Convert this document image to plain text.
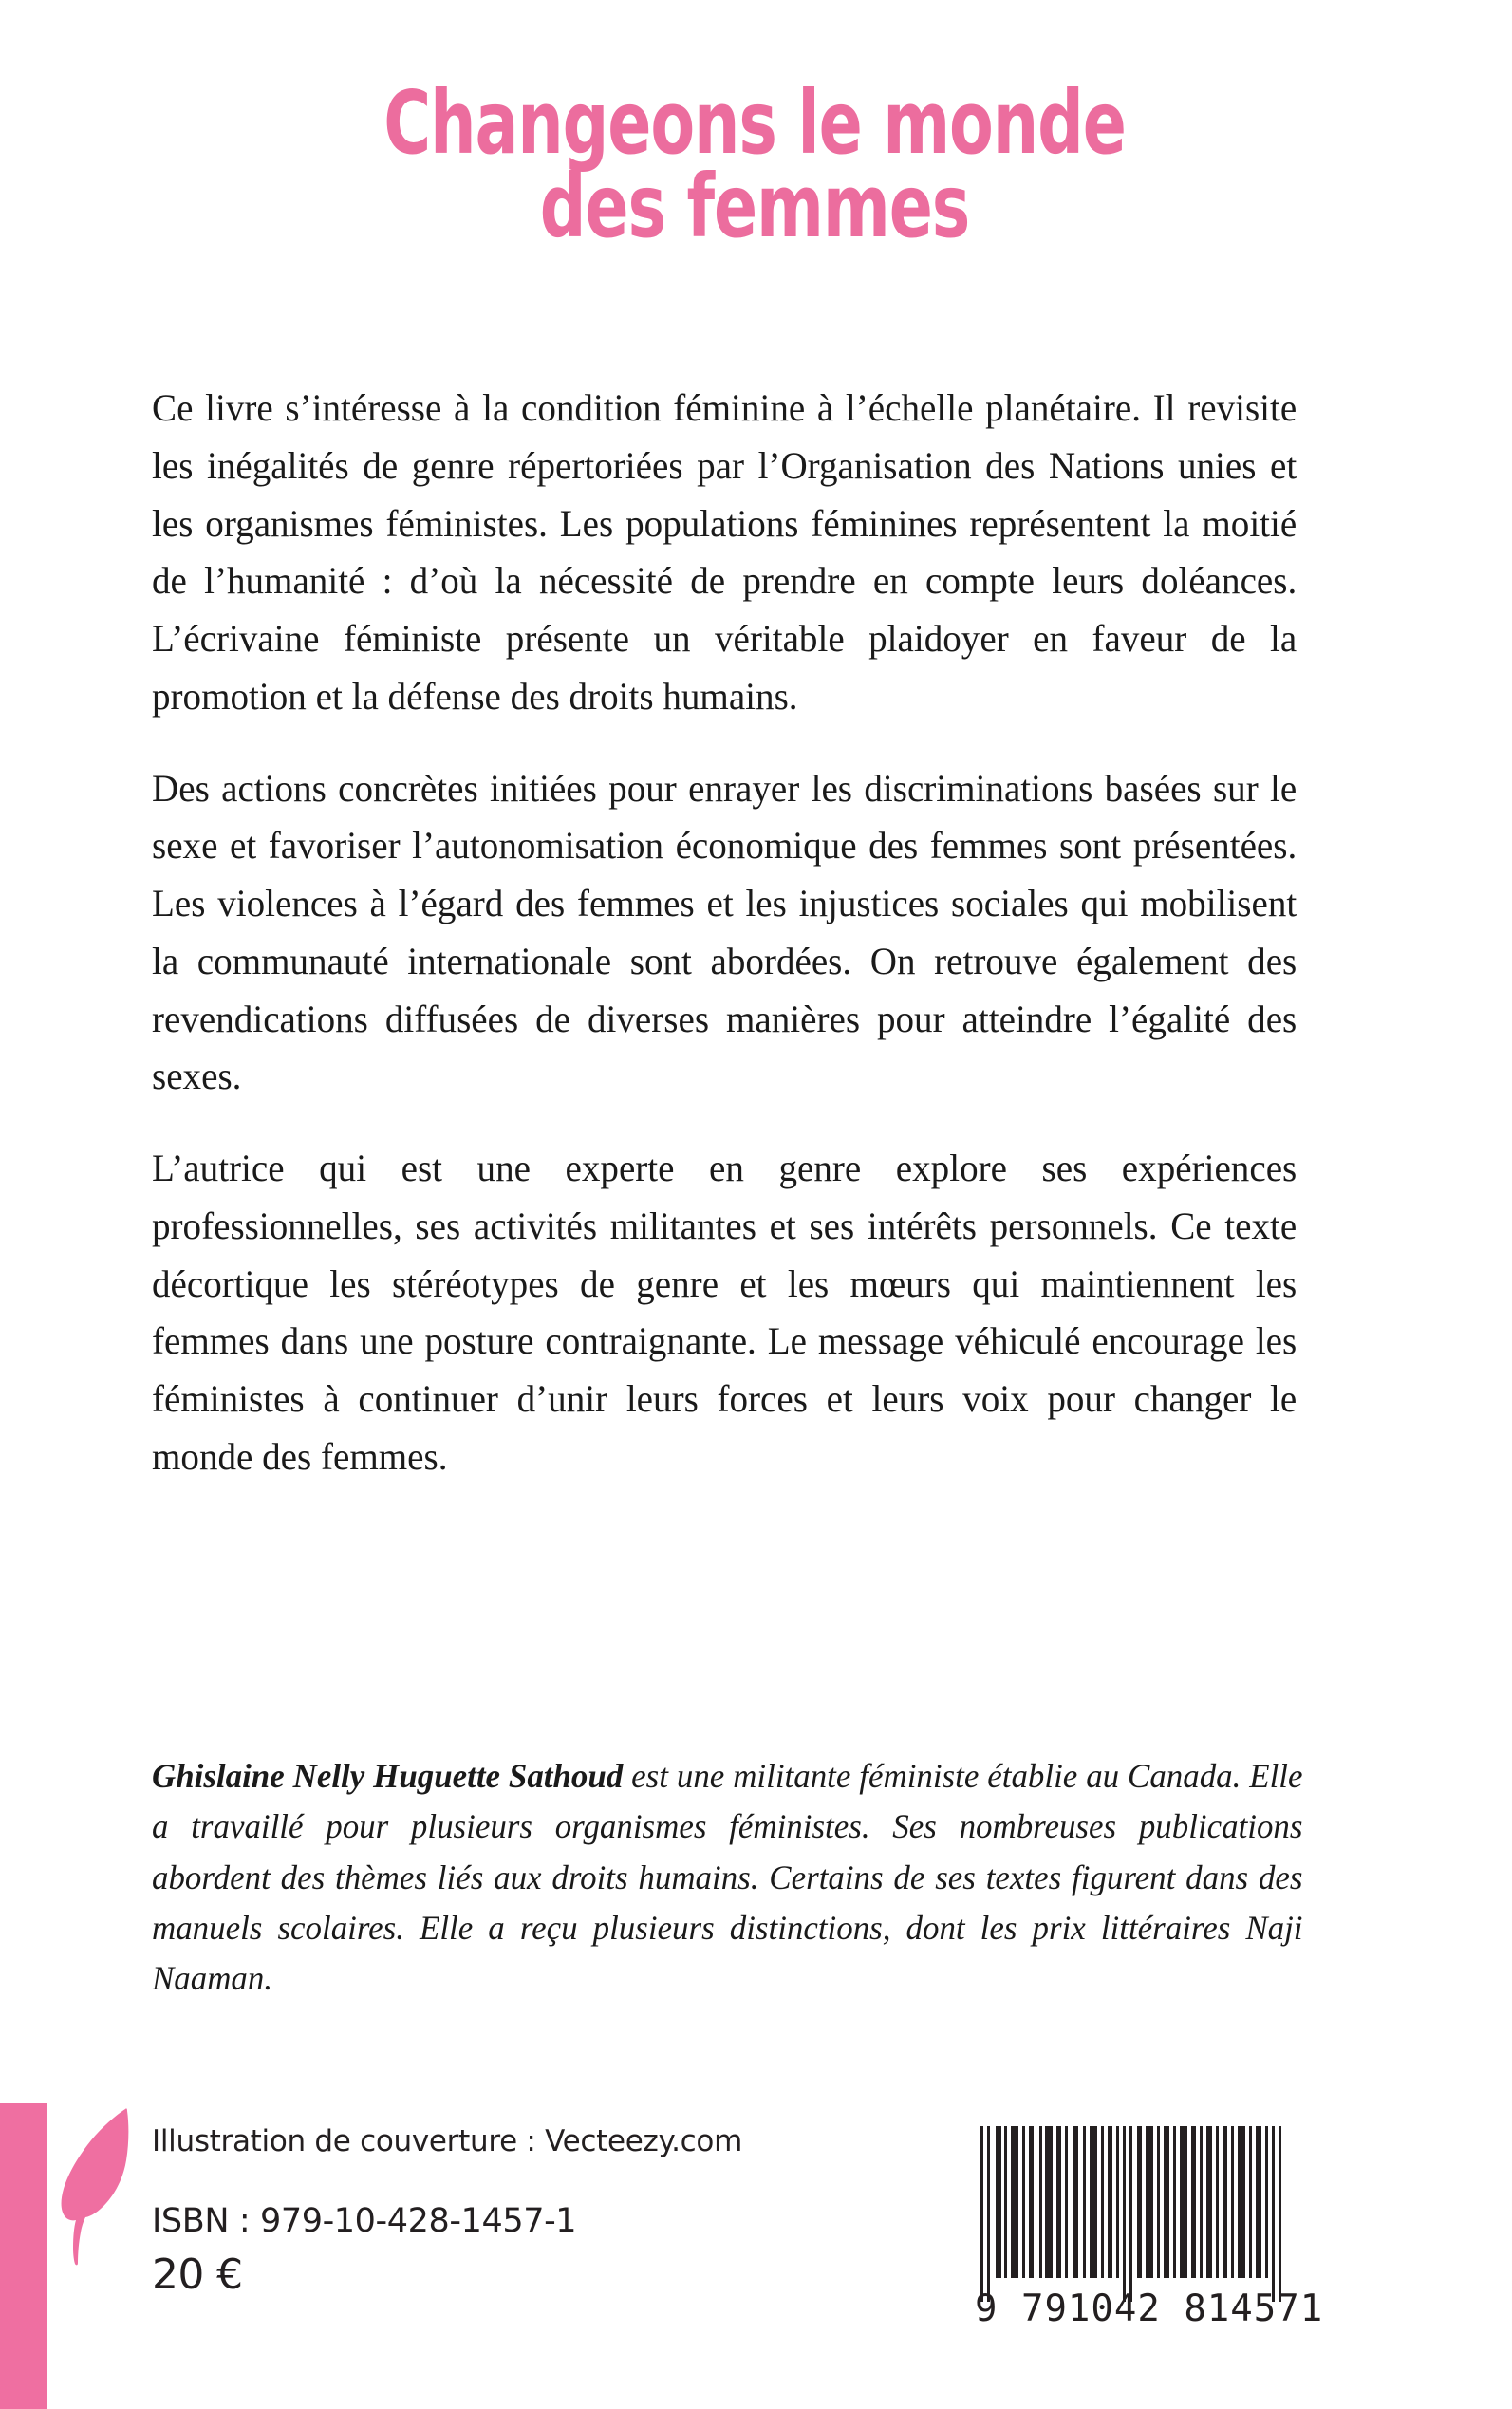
Changeons le monde
des femmes

Ce livre s’intéresse à la condition féminine à l’échelle planétaire. Il revisite les inégalités de genre répertoriées par l’Organisation des Nations unies et les organismes féministes. Les populations féminines représentent la moitié de l’humanité : d’où la nécessité de prendre en compte leurs doléances. L’écrivaine féministe présente un véritable plaidoyer en faveur de la promotion et la défense des droits humains.

Des actions concrètes initiées pour enrayer les discriminations basées sur le sexe et favoriser l’autonomisation économique des femmes sont présentées. Les violences à l’égard des femmes et les injustices sociales qui mobilisent la communauté internationale sont abordées. On retrouve également des revendications diffusées de diverses manières pour atteindre l’égalité des sexes.

L’autrice qui est une experte en genre explore ses expériences professionnelles, ses activités militantes et ses intérêts personnels. Ce texte décortique les stéréotypes de genre et les mœurs qui maintiennent les femmes dans une posture contraignante. Le message véhiculé encourage les féministes à continuer d’unir leurs forces et leurs voix pour changer le monde des femmes.

Ghislaine Nelly Huguette Sathoud est une militante féministe établie au Canada. Elle a travaillé pour plusieurs organismes féministes. Ses nombreuses publications abordent des thèmes liés aux droits humains. Certains de ses textes figurent dans des manuels scolaires. Elle a reçu plusieurs distinctions, dont les prix littéraires Naji Naaman.

Illustration de couverture : Vecteezy.com

ISBN : 979-10-428-1457-1

20 €

9 791042 814571
